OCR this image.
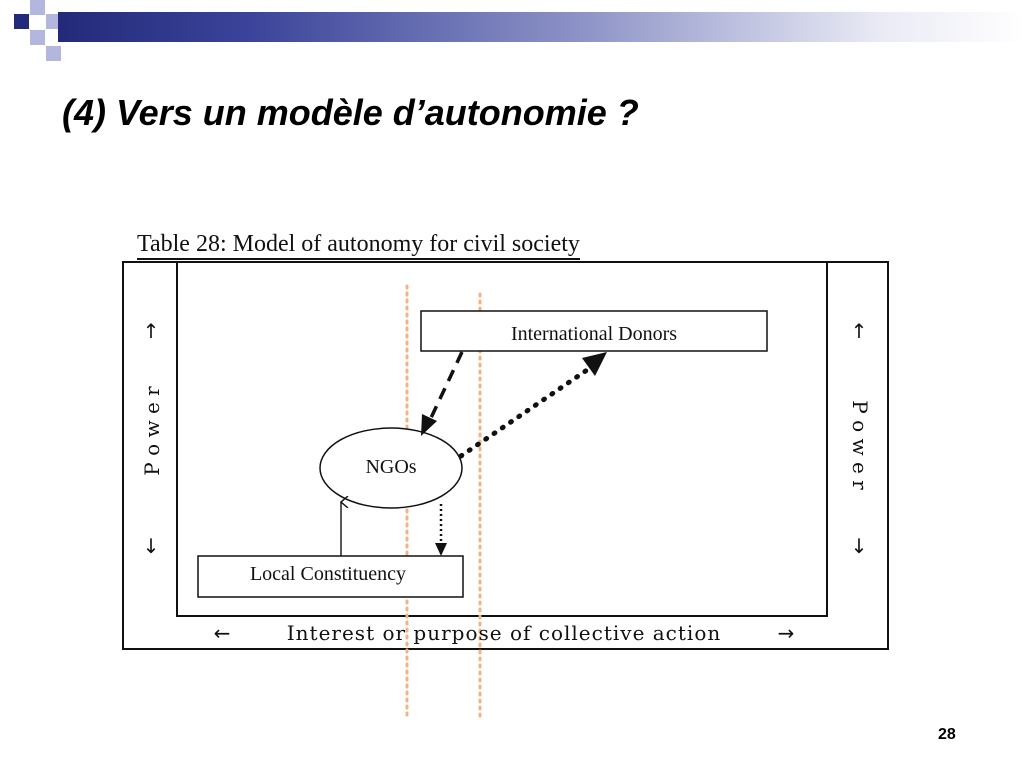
(4) Vers un modèle d’autonomie ?
Table 28: Model of autonomy for civil society
International Donors
NGOs
Local Constituency
↑
P o w e r
↓
↑
P o w e r
↓
←	Interest or purpose of collective action	→
28
